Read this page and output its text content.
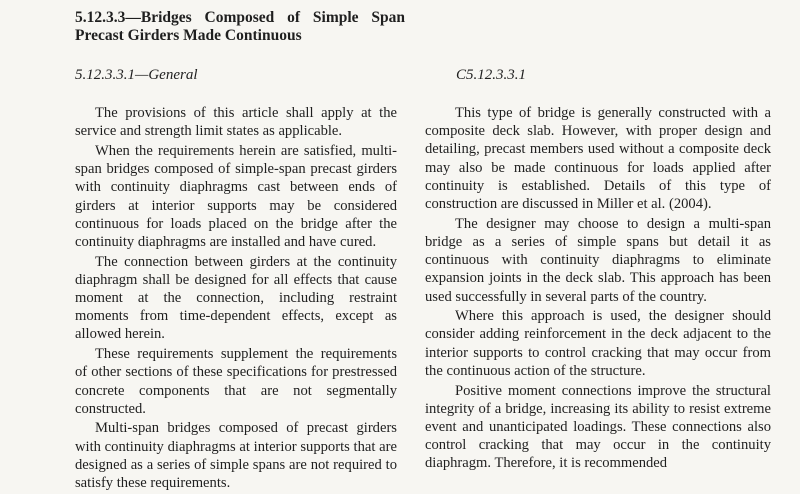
5.12.3.3—Bridges Composed of Simple Span Precast Girders Made Continuous
5.12.3.3.1—General	C5.12.3.3.1

The provisions of this article shall apply at the service and strength limit states as applicable.

When the requirements herein are satisfied, multi-span bridges composed of simple-span precast girders with continuity diaphragms cast between ends of girders at interior supports may be considered continuous for loads placed on the bridge after the continuity diaphragms are installed and have cured.

The connection between girders at the continuity diaphragm shall be designed for all effects that cause moment at the connection, including restraint moments from time-dependent effects, except as allowed herein.

These requirements supplement the requirements of other sections of these specifications for prestressed concrete components that are not segmentally constructed.

Multi-span bridges composed of precast girders with continuity diaphragms at interior supports that are designed as a series of simple spans are not required to satisfy these requirements.

This type of bridge is generally constructed with a composite deck slab. However, with proper design and detailing, precast members used without a composite deck may also be made continuous for loads applied after continuity is established. Details of this type of construction are discussed in Miller et al. (2004).

The designer may choose to design a multi-span bridge as a series of simple spans but detail it as continuous with continuity diaphragms to eliminate expansion joints in the deck slab. This approach has been used successfully in several parts of the country.

Where this approach is used, the designer should consider adding reinforcement in the deck adjacent to the interior supports to control cracking that may occur from the continuous action of the structure.

Positive moment connections improve the structural integrity of a bridge, increasing its ability to resist extreme event and unanticipated loadings. These connections also control cracking that may occur in the continuity diaphragm. Therefore, it is recommended
